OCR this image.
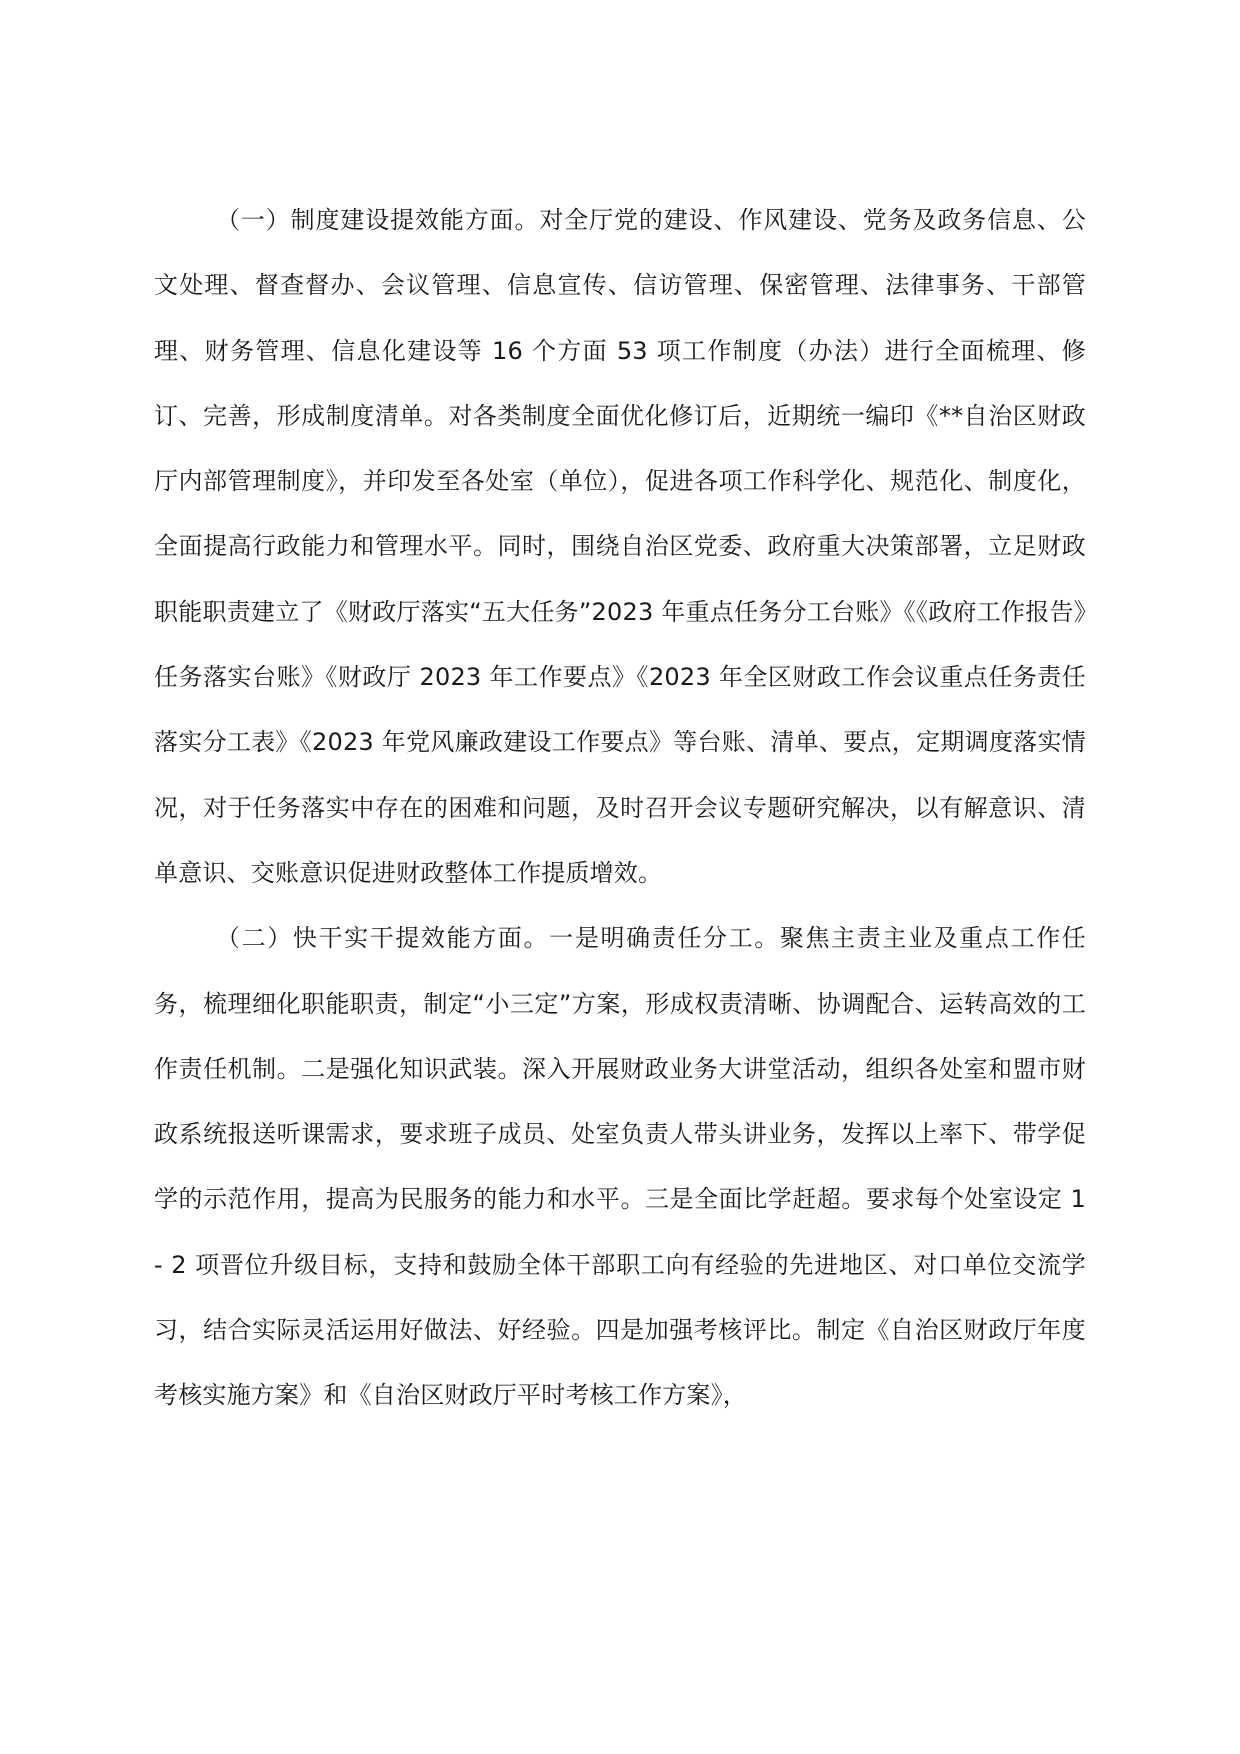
（一）制度建设提效能方面。对全厅党的建设、作风建设、党务及政务信息、公文处理、督查督办、会议管理、信息宣传、信访管理、保密管理、法律事务、干部管理、财务管理、信息化建设等 16 个方面 53 项工作制度（办法）进行全面梳理、修订、完善，形成制度清单。对各类制度全面优化修订后，近期统一编印《**自治区财政厅内部管理制度》，并印发至各处室（单位），促进各项工作科学化、规范化、制度化，全面提高行政能力和管理水平。同时，围绕自治区党委、政府重大决策部署，立足财政职能职责建立了《财政厅落实“五大任务”2023 年重点任务分工台账》《《政府工作报告》任务落实台账》《财政厅 2023 年工作要点》《2023 年全区财政工作会议重点任务责任落实分工表》《2023 年党风廉政建设工作要点》等台账、清单、要点，定期调度落实情况，对于任务落实中存在的困难和问题，及时召开会议专题研究解决，以有解意识、清单意识、交账意识促进财政整体工作提质增效。

（二）快干实干提效能方面。一是明确责任分工。聚焦主责主业及重点工作任务，梳理细化职能职责，制定“小三定”方案，形成权责清晰、协调配合、运转高效的工作责任机制。二是强化知识武装。深入开展财政业务大讲堂活动，组织各处室和盟市财政系统报送听课需求，要求班子成员、处室负责人带头讲业务，发挥以上率下、带学促学的示范作用，提高为民服务的能力和水平。三是全面比学赶超。要求每个处室设定 1 - 2 项晋位升级目标，支持和鼓励全体干部职工向有经验的先进地区、对口单位交流学习，结合实际灵活运用好做法、好经验。四是加强考核评比。制定《自治区财政厅年度考核实施方案》和《自治区财政厅平时考核工作方案》，
